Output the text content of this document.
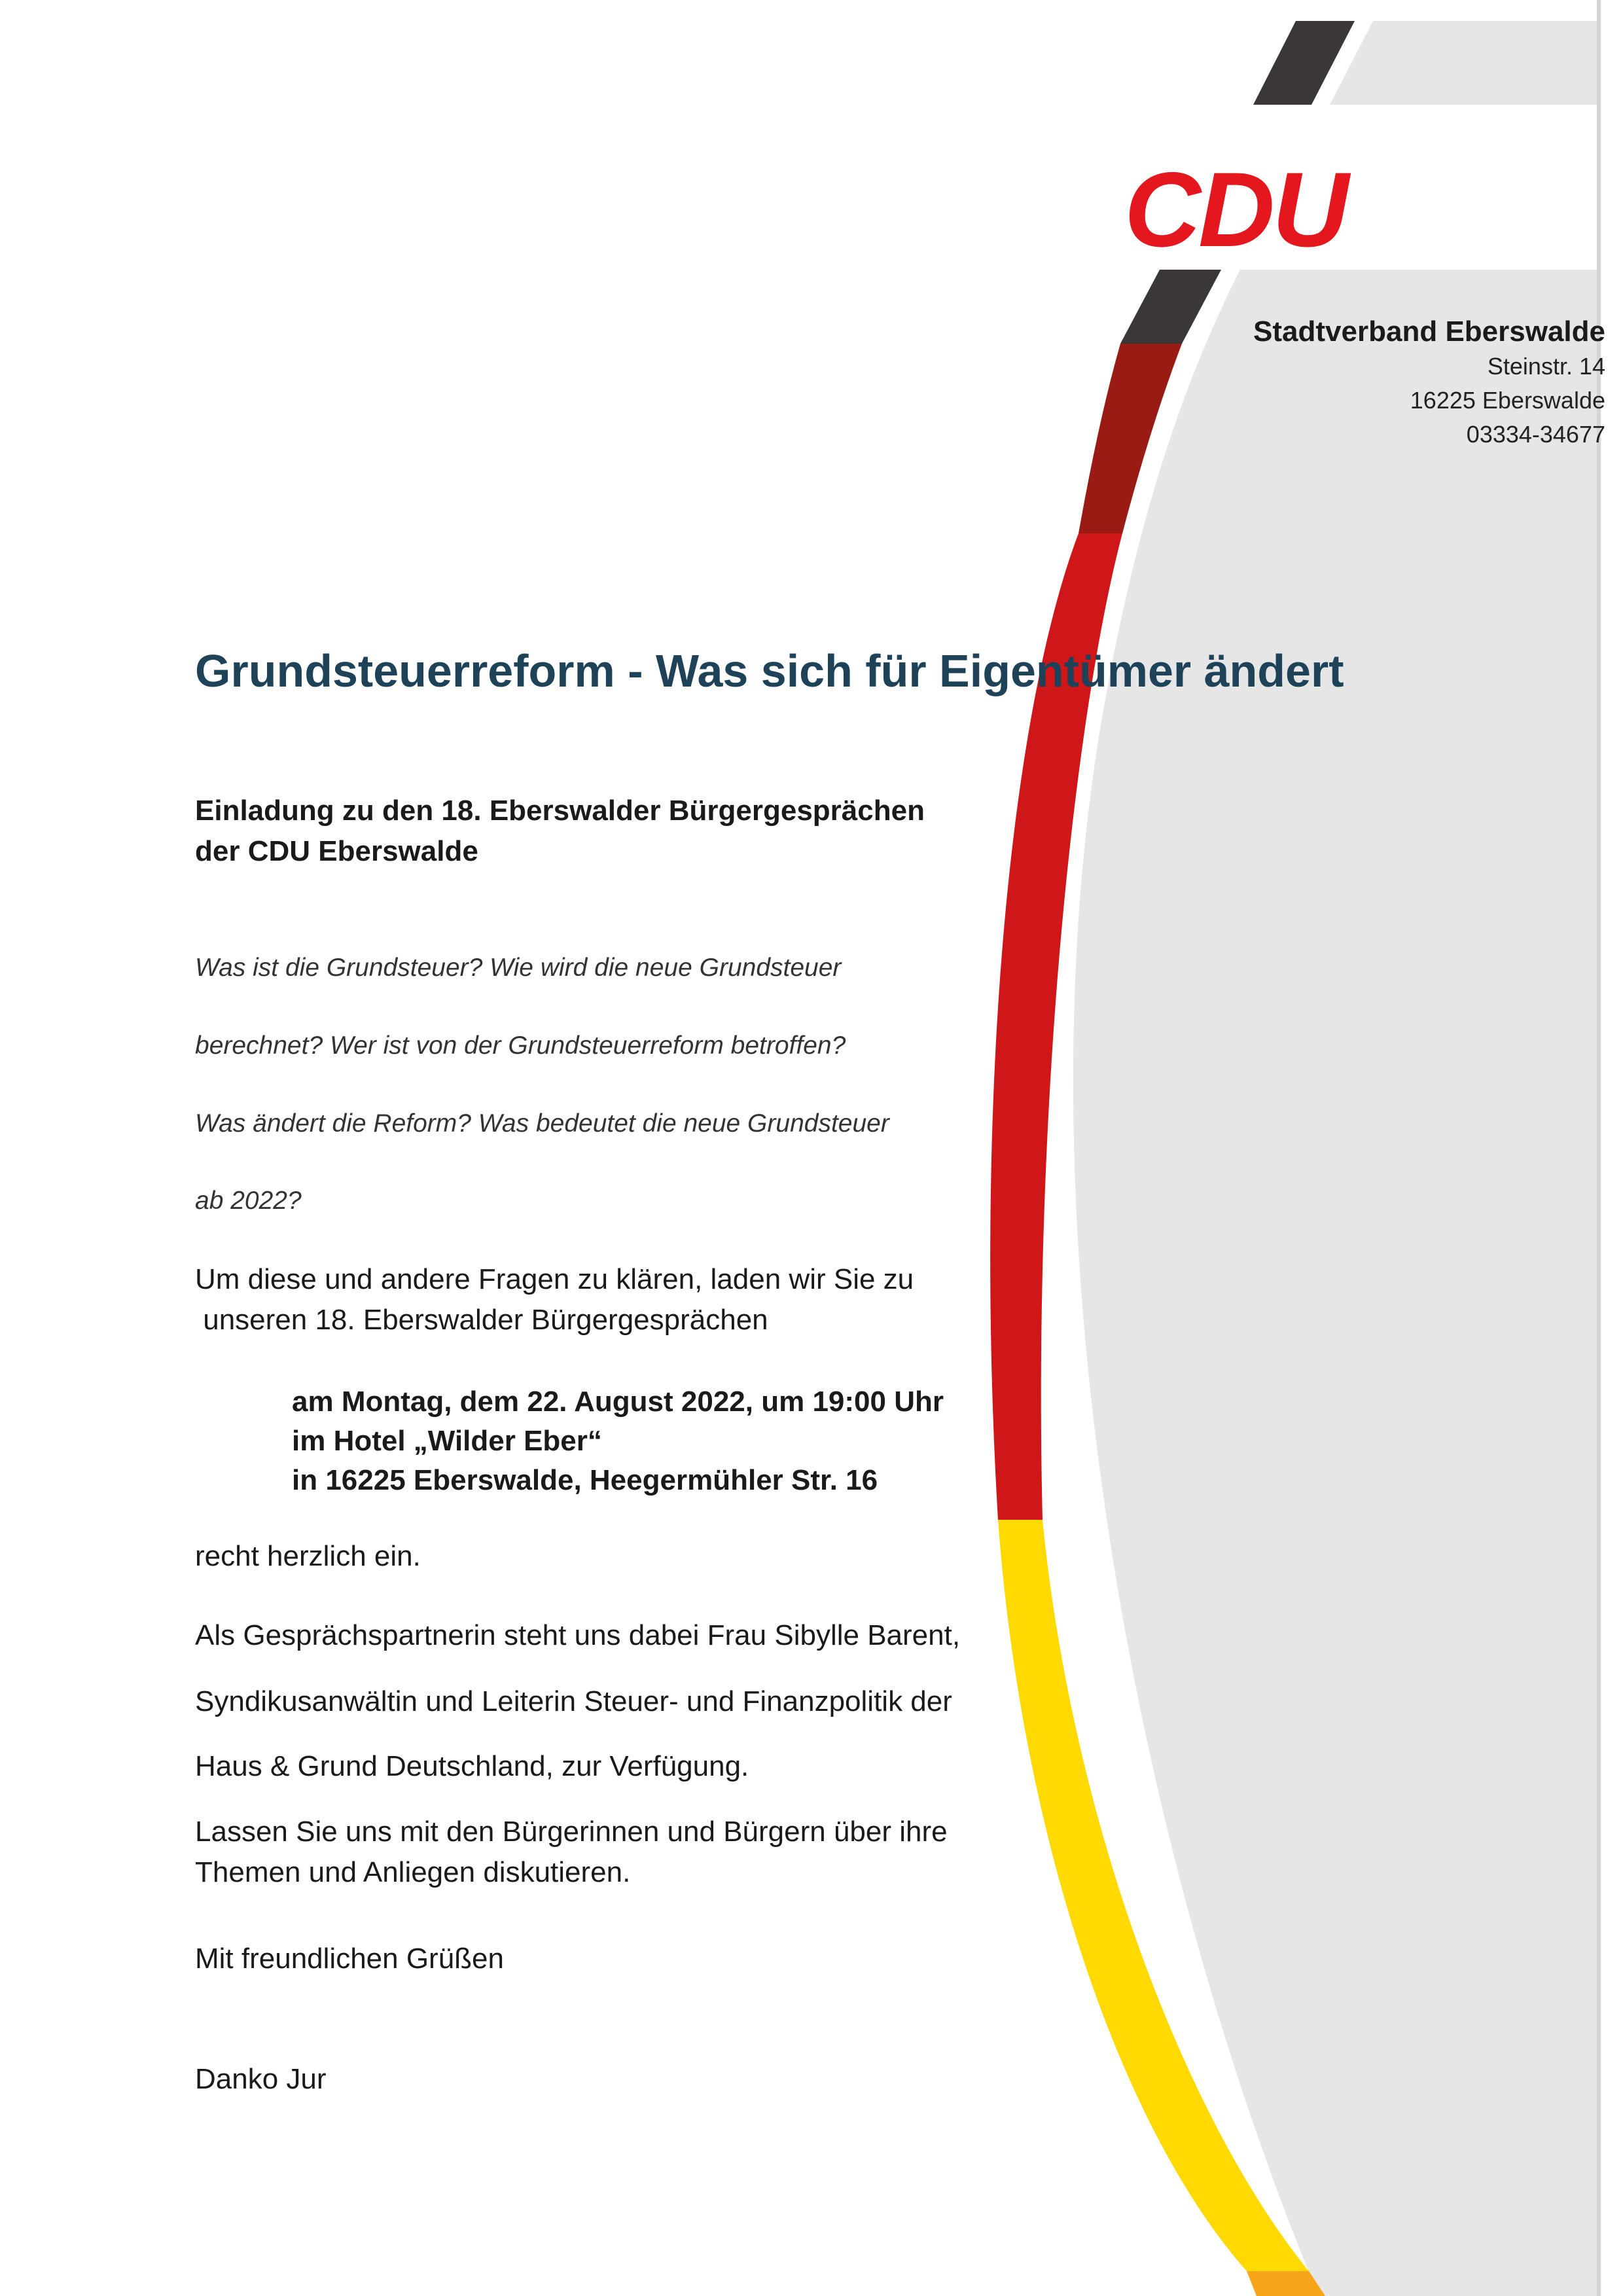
CDU
Stadtverband Eberswalde
Steinstr. 14
16225 Eberswalde
03334-34677
Grundsteuerreform - Was sich für Eigentümer ändert
Einladung zu den 18. Eberswalder Bürgergesprächen
der CDU Eberswalde
Was ist die Grundsteuer? Wie wird die neue Grundsteuer
berechnet? Wer ist von der Grundsteuerreform betroffen?
Was ändert die Reform? Was bedeutet die neue Grundsteuer
ab 2022?
Um diese und andere Fragen zu klären, laden wir Sie zu
unseren 18. Eberswalder Bürgergesprächen
am Montag, dem 22. August 2022, um 19:00 Uhr
im Hotel „Wilder Eber“
in 16225 Eberswalde, Heegermühler Str. 16
recht herzlich ein.
Als Gesprächspartnerin steht uns dabei Frau Sibylle Barent,
Syndikusanwältin und Leiterin Steuer- und Finanzpolitik der
Haus & Grund Deutschland, zur Verfügung.
Lassen Sie uns mit den Bürgerinnen und Bürgern über ihre
Themen und Anliegen diskutieren.
Mit freundlichen Grüßen
Danko Jur
